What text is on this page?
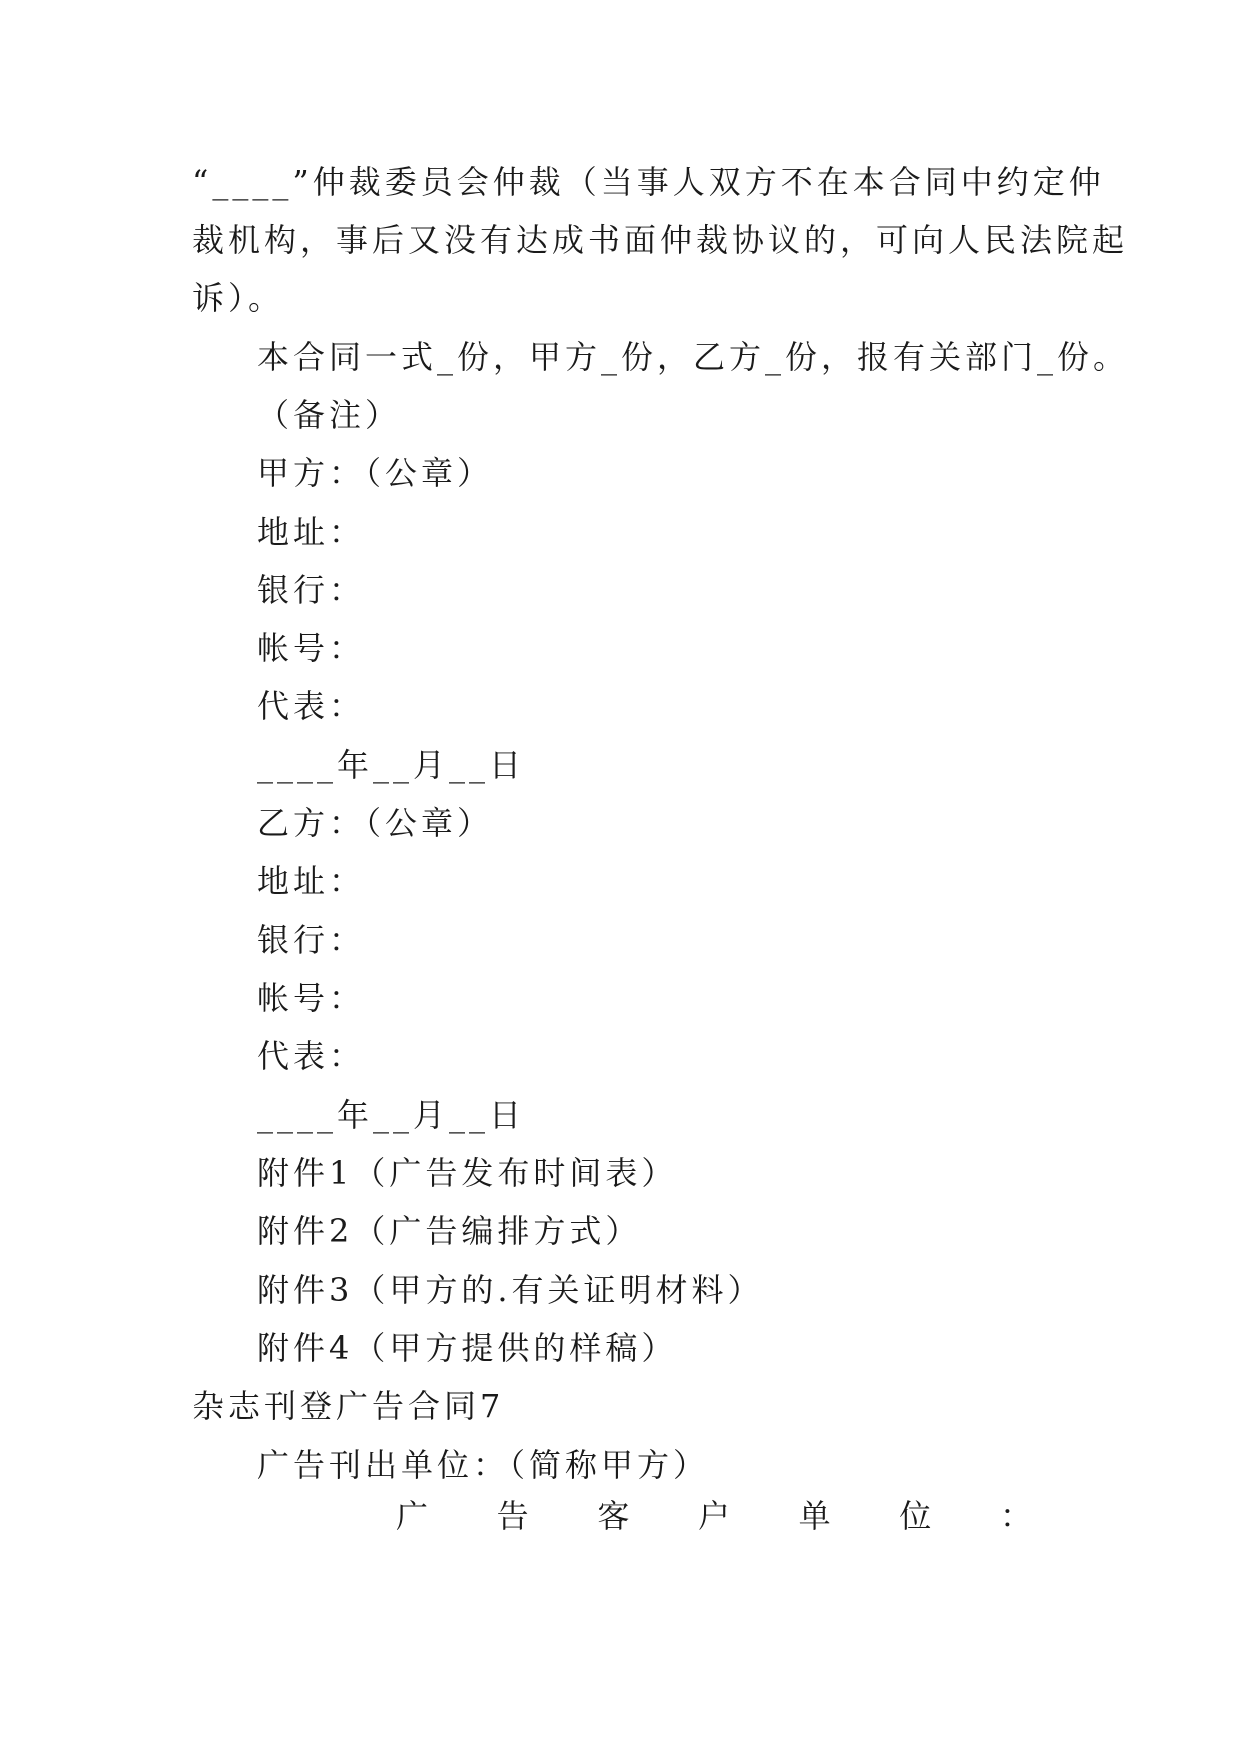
“____”仲裁委员会仲裁（当事人双方不在本合同中约定仲
裁机构，事后又没有达成书面仲裁协议的，可向人民法院起
诉）。
本合同一式_份，甲方_份，乙方_份，报有关部门_份。
（备注）
甲方：（公章）
地址：
银行：
帐号：
代表：
____年__月__日
乙方：（公章）
地址：
银行：
帐号：
代表：
____年__月__日
附件1（广告发布时间表）
附件2（广告编排方式）
附件3（甲方的.有关证明材料）
附件4（甲方提供的样稿）
杂志刊登广告合同7
广告刊出单位：（简称甲方）
广 告 客 户 单 位 ：
